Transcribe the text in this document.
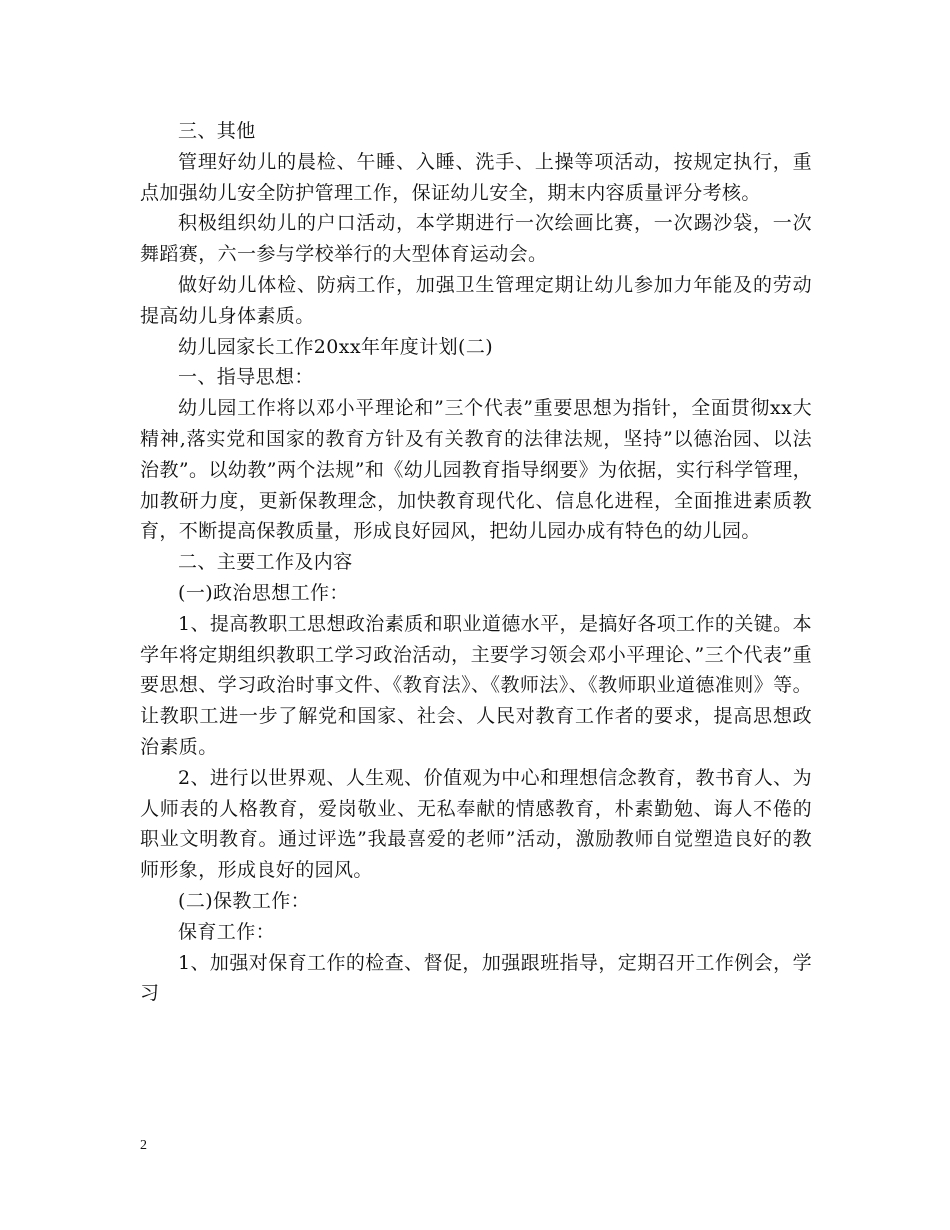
三、其他

管理好幼儿的晨检、午睡、入睡、洗手、上操等项活动，按规定执行，重点加强幼儿安全防护管理工作，保证幼儿安全，期末内容质量评分考核。

积极组织幼儿的户口活动，本学期进行一次绘画比赛，一次踢沙袋，一次舞蹈赛，六一参与学校举行的大型体育运动会。

做好幼儿体检、防病工作，加强卫生管理定期让幼儿参加力年能及的劳动提高幼儿身体素质。

幼儿园家长工作20xx年年度计划(二)

一、指导思想：

幼儿园工作将以邓小平理论和”三个代表”重要思想为指针，全面贯彻xx大精神,落实党和国家的教育方针及有关教育的法律法规，坚持”以德治园、以法治教”。以幼教”两个法规”和《幼儿园教育指导纲要》为依据，实行科学管理，加教研力度，更新保教理念，加快教育现代化、信息化进程，全面推进素质教育，不断提高保教质量，形成良好园风，把幼儿园办成有特色的幼儿园。

二、主要工作及内容

(一)政治思想工作：

1、提高教职工思想政治素质和职业道德水平，是搞好各项工作的关键。本学年将定期组织教职工学习政治活动，主要学习领会邓小平理论、”三个代表”重要思想、学习政治时事文件、《教育法》、《教师法》、《教师职业道德准则》等。让教职工进一步了解党和国家、社会、人民对教育工作者的要求，提高思想政治素质。

2、进行以世界观、人生观、价值观为中心和理想信念教育，教书育人、为人师表的人格教育，爱岗敬业、无私奉献的情感教育，朴素勤勉、诲人不倦的职业文明教育。通过评选”我最喜爱的老师”活动，激励教师自觉塑造良好的教师形象，形成良好的园风。

(二)保教工作：

保育工作：

1、加强对保育工作的检查、督促，加强跟班指导，定期召开工作例会，学习

2
